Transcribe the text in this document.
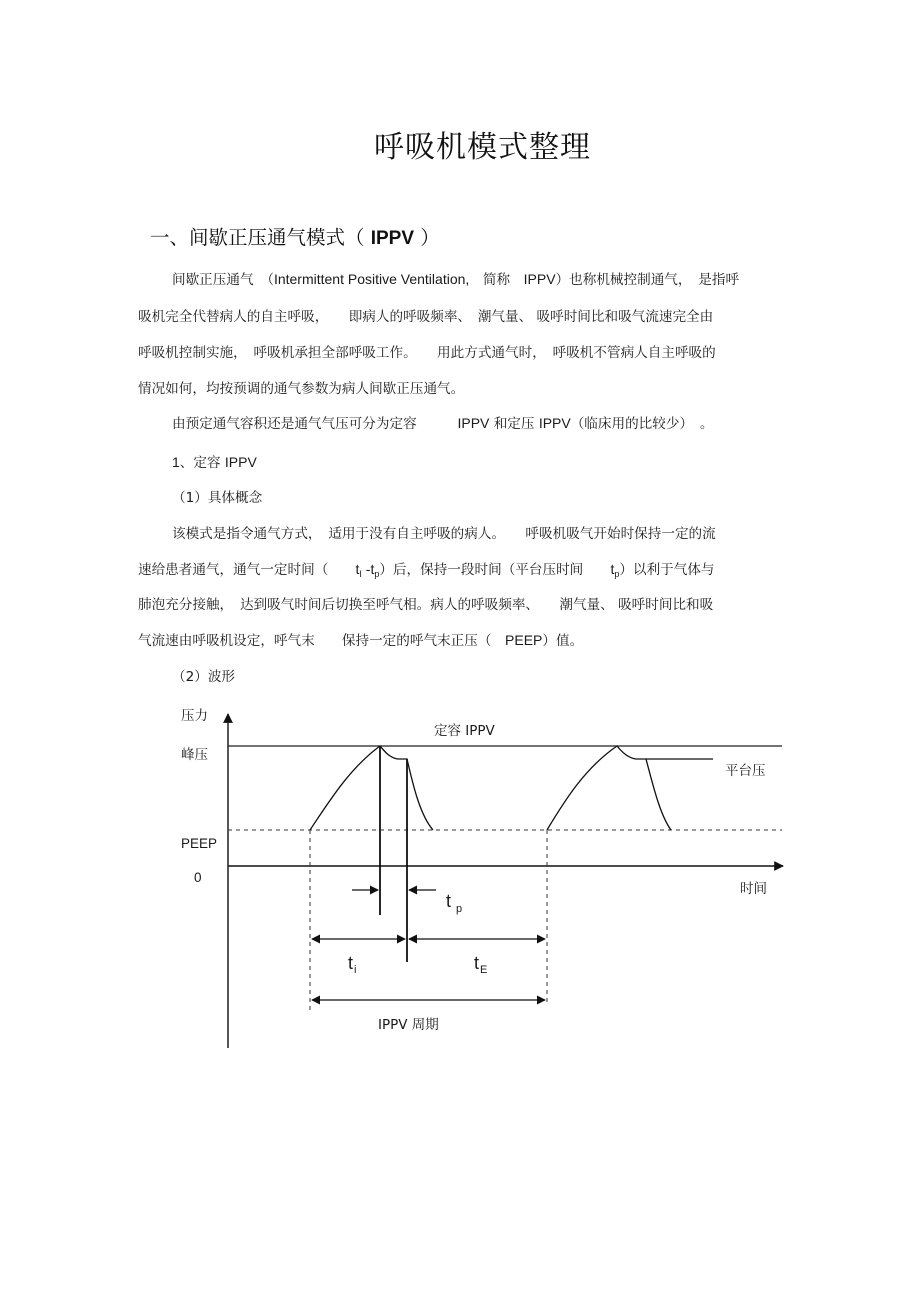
呼吸机模式整理
一、间歇正压通气模式（ IPPV ）
间歇正压通气　（Intermittent Positive Ventilation,　简称　IPPV）也称机械控制通气，　是指呼
吸机完全代替病人的自主呼吸，　　即病人的呼吸频率、　潮气量、 吸呼时间比和吸气流速完全由
呼吸机控制实施，　呼吸机承担全部呼吸工作。　　用此方式通气时，　呼吸机不管病人自主呼吸的
情况如何，均按预调的通气参数为病人间歇正压通气。
由预定通气容积还是通气气压可分为定容　　　IPPV 和定压 IPPV（临床用的比较少）　。
1、定容 IPPV
（1）具体概念
该模式是指令通气方式，　适用于没有自主呼吸的病人。　　呼吸机吸气开始时保持一定的流
速给患者通气，通气一定时间（　　$t_I$ $-t_p$）后，保持一段时间（平台压时间　　$t_p$）以利于气体与
肺泡充分接触，　达到吸气时间后切换至呼气相。病人的呼吸频率、　　潮气量、 吸呼时间比和吸
气流速由呼吸机设定，呼气末　　保持一定的呼气末正压（　PEEP）值。
（2）波形
压力
峰压
PEEP
0
时间
定容 IPPV
平台压
t $_p$
$t_i$	$t_E$
IPPV 周期
